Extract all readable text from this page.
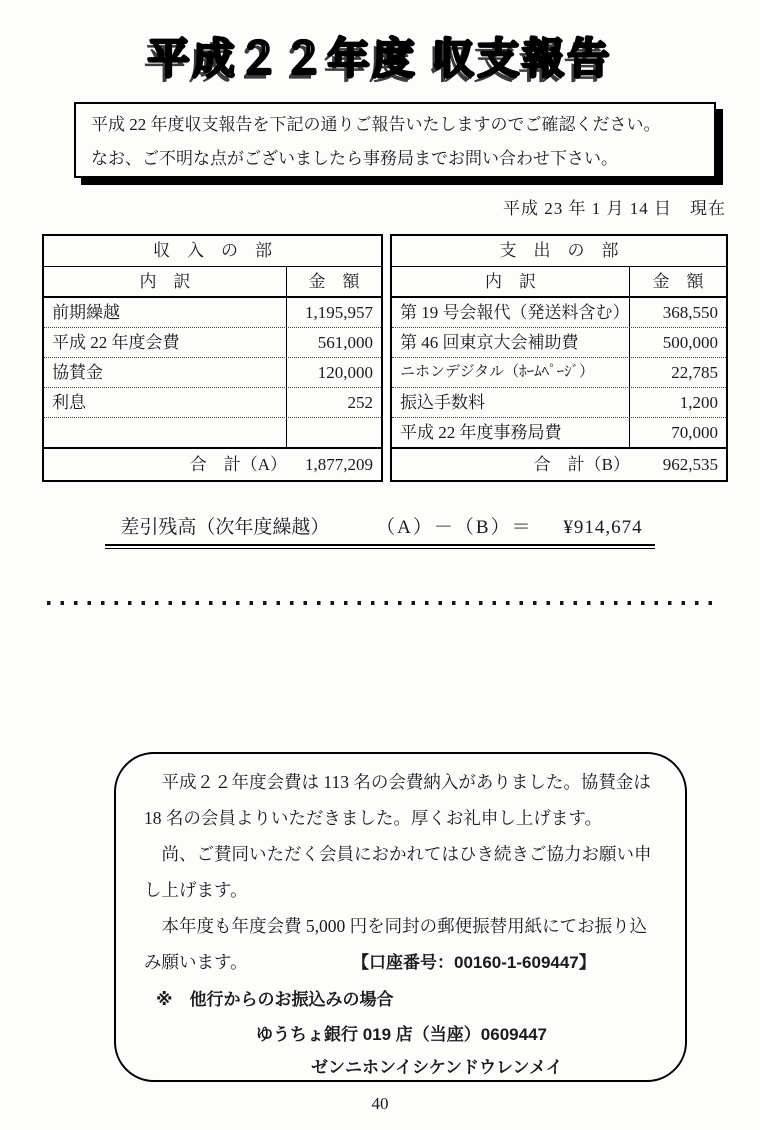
平成２２年度 収支報告
平成 22 年度収支報告を下記の通りご報告いたしますのでご確認ください。
なお、ご不明な点がございましたら事務局までお問い合わせ下さい。
平成 23 年 1 月 14 日　現在
収　入　の　部
内　訳	金　額
前期繰越	1,195,957
平成 22 年度会費	561,000
協賛金	120,000
利息	252
合　計（A）	1,877,209
支　出　の　部
内　訳	金　額
第 19 号会報代（発送料含む）	368,550
第 46 回東京大会補助費	500,000
ニホンデジタル（ﾎｰﾑﾍﾟｰｼﾞ）	22,785
振込手数料	1,200
平成 22 年度事務局費	70,000
合　計（B）	962,535
差引残高（次年度繰越） （A）－（B）＝ ¥914,674
　平成２２年度会費は 113 名の会費納入がありました。協賛金は
18 名の会員よりいただきました。厚くお礼申し上げます。
　尚、ご賛同いただく会員におかれてはひき続きご協力お願い申
し上げます。
　本年度も年度会費 5,000 円を同封の郵便振替用紙にてお振り込
み願います。	【口座番号：00160-1-609447】
※　他行からのお振込みの場合
ゆうちょ銀行 019 店（当座）0609447
ゼンニホンイシケンドウレンメイ
40
